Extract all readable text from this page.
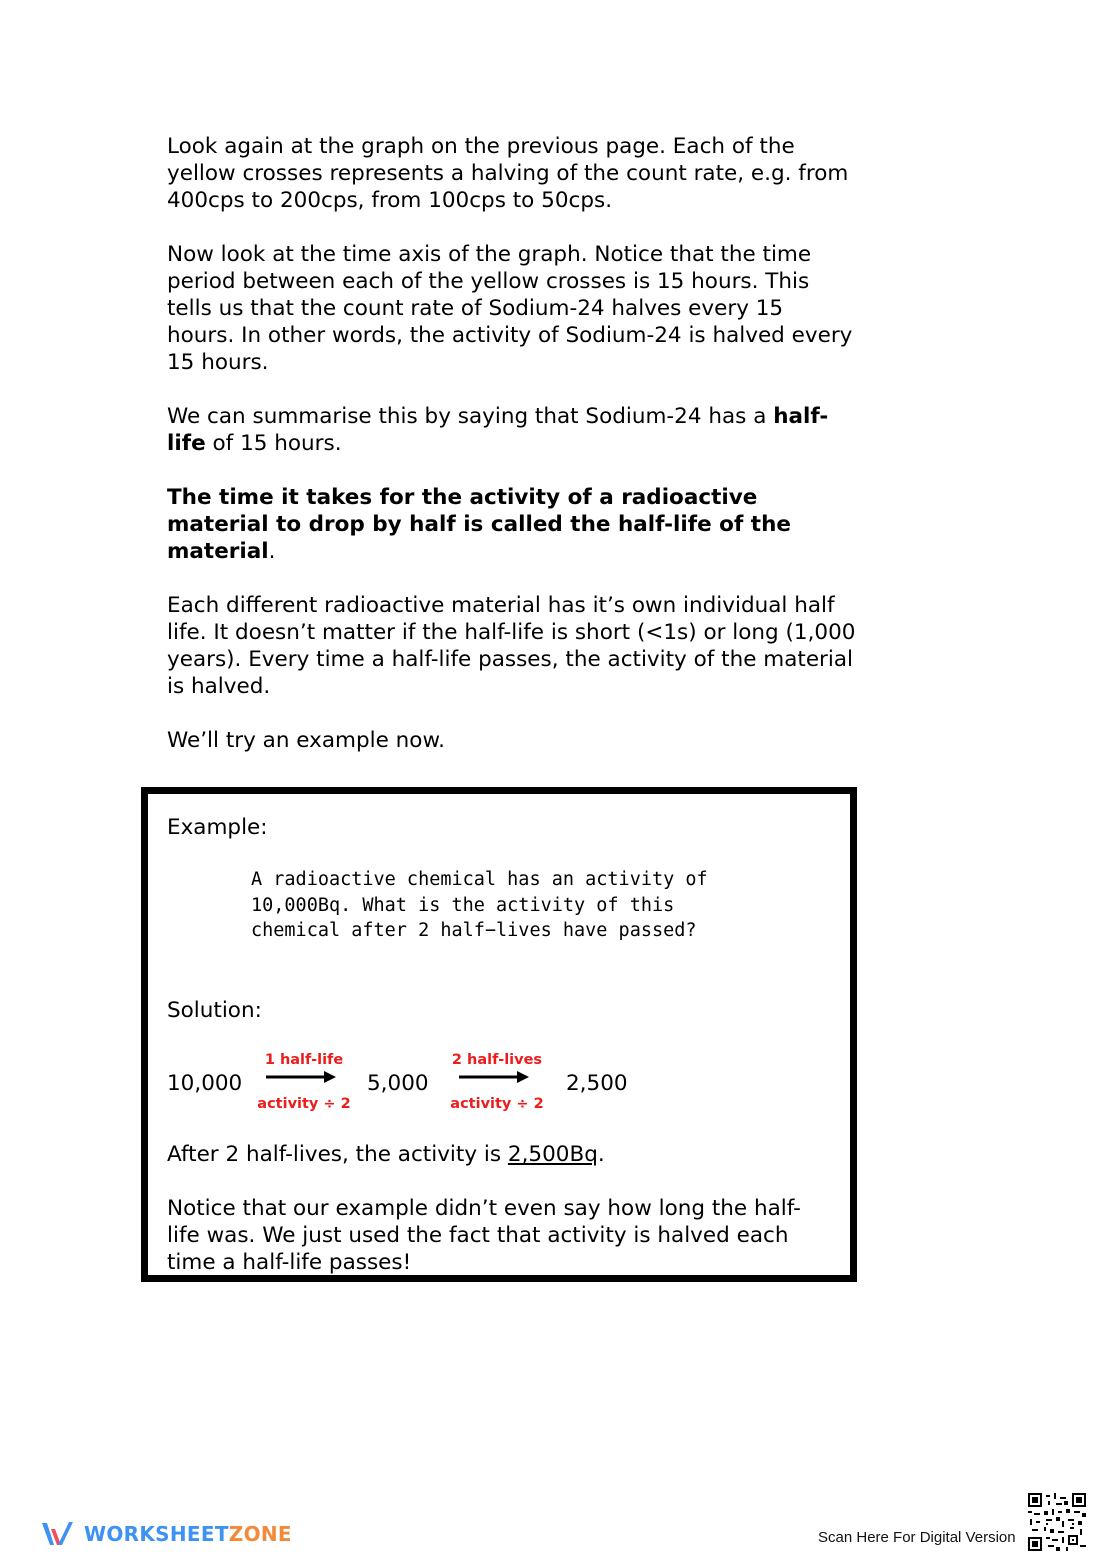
Look again at the graph on the previous page. Each of the yellow crosses represents a halving of the count rate, e.g. from 400cps to 200cps, from 100cps to 50cps.

Now look at the time axis of the graph. Notice that the time period between each of the yellow crosses is 15 hours. This tells us that the count rate of Sodium-24 halves every 15 hours. In other words, the activity of Sodium-24 is halved every 15 hours.

We can summarise this by saying that Sodium-24 has a half-life of 15 hours.

The time it takes for the activity of a radioactive material to drop by half is called the half-life of the material.

Each different radioactive material has it’s own individual half life. It doesn’t matter if the half-life is short (<1s) or long (1,000 years). Every time a half-life passes, the activity of the material is halved.

We’ll try an example now.

Example:
A radioactive chemical has an activity of
10,000Bq. What is the activity of this
chemical after 2 half−lives have passed?
Solution:
10,000
1 half-life
activity ÷ 2
5,000
2 half-lives
activity ÷ 2
2,500
After 2 half-lives, the activity is 2,500Bq.
Notice that our example didn’t even say how long the half-life was. We just used the fact that activity is halved each time a half-life passes!
WORKSHEETZONE	Scan Here For Digital Version
